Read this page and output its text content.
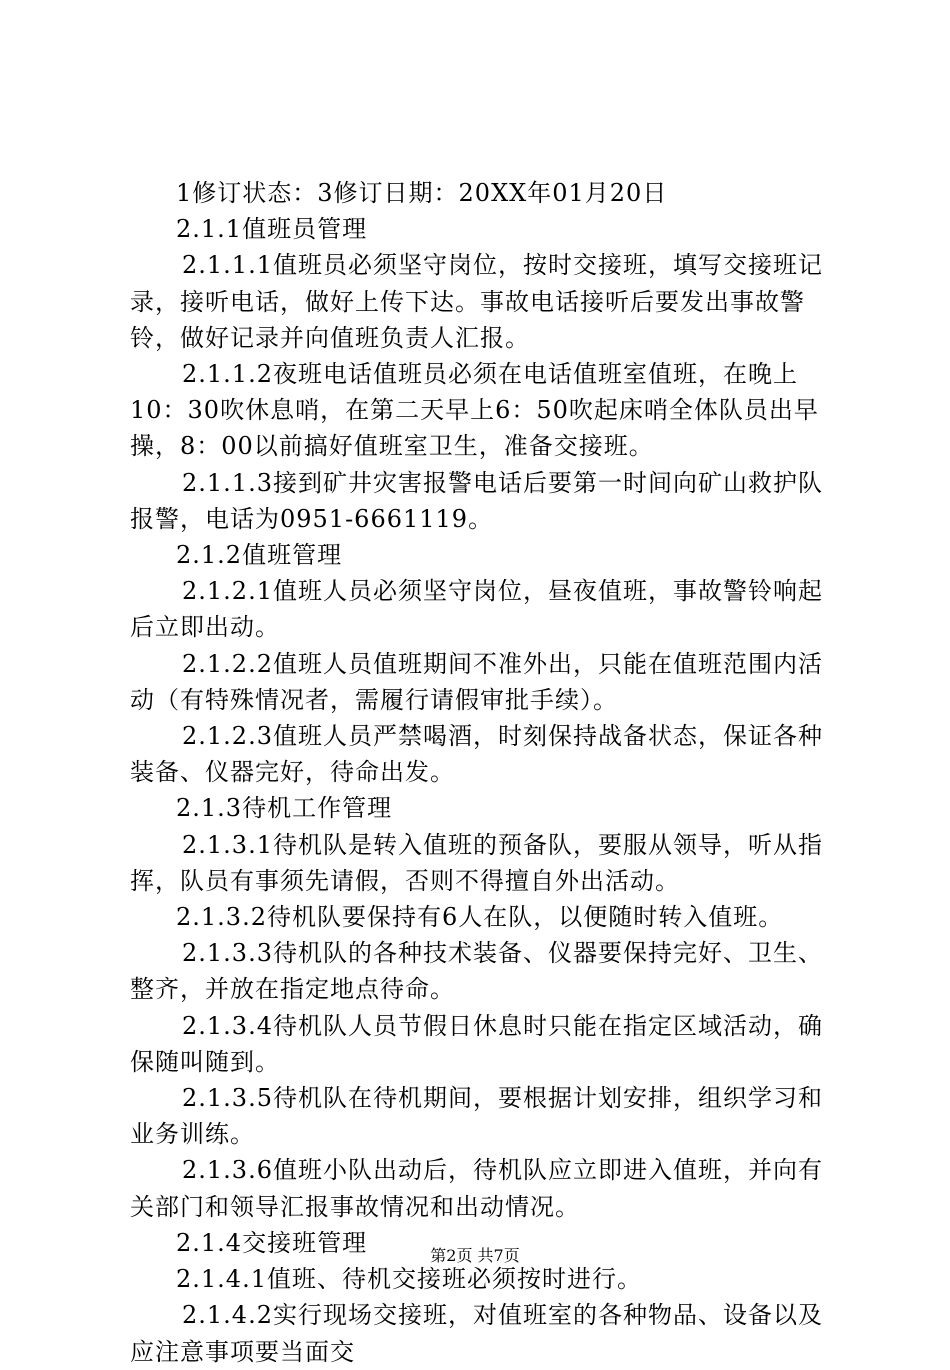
1修订状态：3修订日期：20XX年01月20日

2.1.1值班员管理

2.1.1.1值班员必须坚守岗位，按时交接班，填写交接班记录，接听电话，做好上传下达。事故电话接听后要发出事故警铃，做好记录并向值班负责人汇报。

2.1.1.2夜班电话值班员必须在电话值班室值班，在晚上10：30吹休息哨，在第二天早上6：50吹起床哨全体队员出早操，8：00以前搞好值班室卫生，准备交接班。

2.1.1.3接到矿井灾害报警电话后要第一时间向矿山救护队报警，电话为0951-6661119。

2.1.2值班管理

2.1.2.1值班人员必须坚守岗位，昼夜值班，事故警铃响起后立即出动。

2.1.2.2值班人员值班期间不准外出，只能在值班范围内活动（有特殊情况者，需履行请假审批手续）。

2.1.2.3值班人员严禁喝酒，时刻保持战备状态，保证各种装备、仪器完好，待命出发。

2.1.3待机工作管理

2.1.3.1待机队是转入值班的预备队，要服从领导，听从指挥，队员有事须先请假，否则不得擅自外出活动。

2.1.3.2待机队要保持有6人在队，以便随时转入值班。

2.1.3.3待机队的各种技术装备、仪器要保持完好、卫生、整齐，并放在指定地点待命。

2.1.3.4待机队人员节假日休息时只能在指定区域活动，确保随叫随到。

2.1.3.5待机队在待机期间，要根据计划安排，组织学习和业务训练。

2.1.3.6值班小队出动后，待机队应立即进入值班，并向有关部门和领导汇报事故情况和出动情况。

2.1.4交接班管理

2.1.4.1值班、待机交接班必须按时进行。

2.1.4.2实行现场交接班，对值班室的各种物品、设备以及应注意事项要当面交

第2页 共7页
